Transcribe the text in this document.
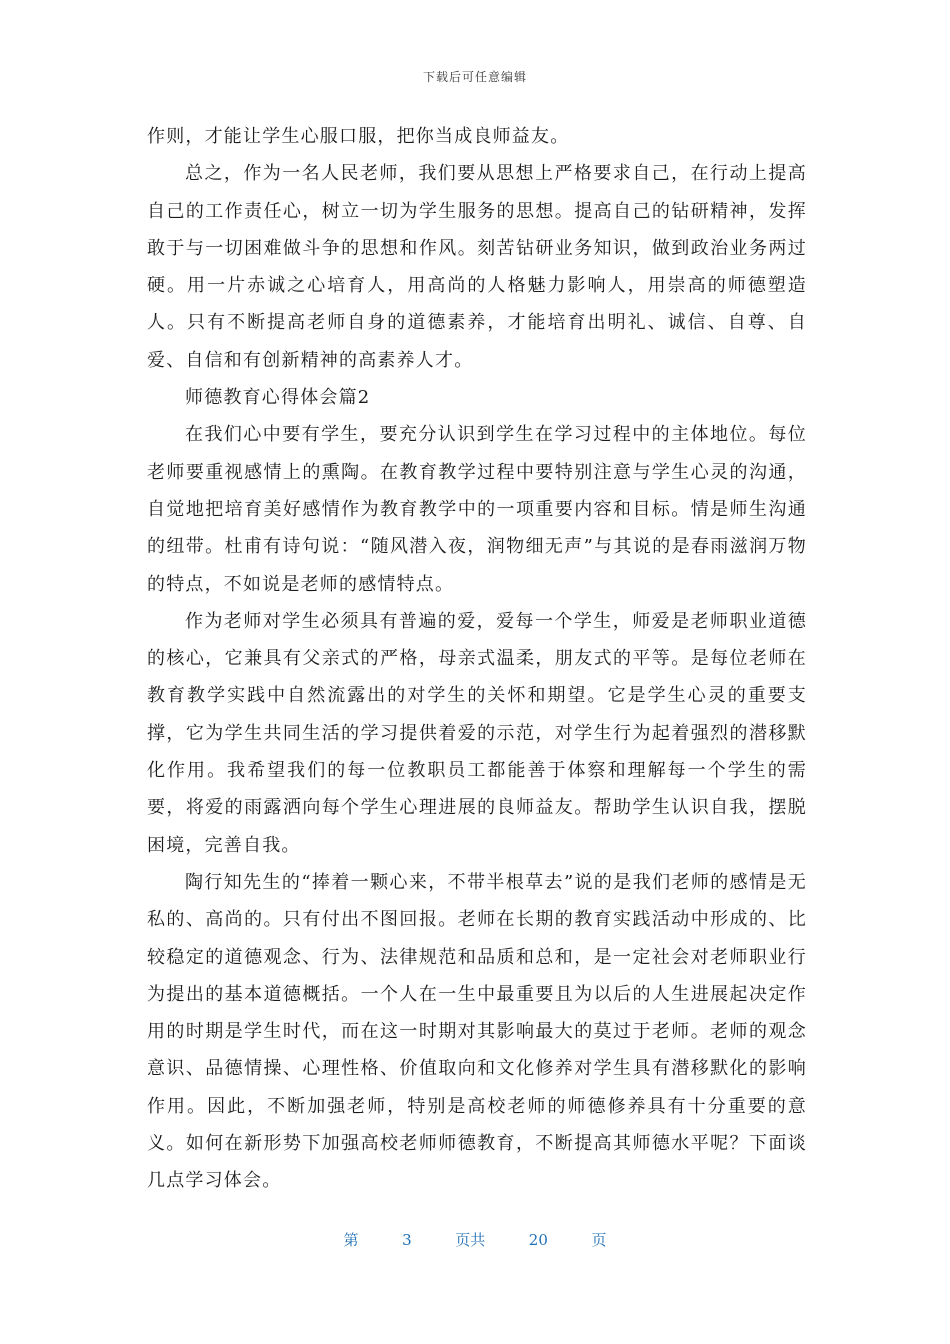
下载后可任意编辑

作则，才能让学生心服口服，把你当成良师益友。

总之，作为一名人民老师，我们要从思想上严格要求自己，在行动上提高自己的工作责任心，树立一切为学生服务的思想。提高自己的钻研精神，发挥敢于与一切困难做斗争的思想和作风。刻苦钻研业务知识，做到政治业务两过硬。用一片赤诚之心培育人，用高尚的人格魅力影响人，用崇高的师德塑造人。只有不断提高老师自身的道德素养，才能培育出明礼、诚信、自尊、自爱、自信和有创新精神的高素养人才。

师德教育心得体会篇2

在我们心中要有学生，要充分认识到学生在学习过程中的主体地位。每位老师要重视感情上的熏陶。在教育教学过程中要特别注意与学生心灵的沟通，自觉地把培育美好感情作为教育教学中的一项重要内容和目标。情是师生沟通的纽带。杜甫有诗句说：“随风潜入夜，润物细无声”与其说的是春雨滋润万物的特点，不如说是老师的感情特点。

作为老师对学生必须具有普遍的爱，爱每一个学生，师爱是老师职业道德的核心，它兼具有父亲式的严格，母亲式温柔，朋友式的平等。是每位老师在教育教学实践中自然流露出的对学生的关怀和期望。它是学生心灵的重要支撑，它为学生共同生活的学习提供着爱的示范，对学生行为起着强烈的潜移默化作用。我希望我们的每一位教职员工都能善于体察和理解每一个学生的需要，将爱的雨露洒向每个学生心理进展的良师益友。帮助学生认识自我，摆脱困境，完善自我。

陶行知先生的“捧着一颗心来，不带半根草去”说的是我们老师的感情是无私的、高尚的。只有付出不图回报。老师在长期的教育实践活动中形成的、比较稳定的道德观念、行为、法律规范和品质和总和，是一定社会对老师职业行为提出的基本道德概括。一个人在一生中最重要且为以后的人生进展起决定作用的时期是学生时代，而在这一时期对其影响最大的莫过于老师。老师的观念意识、品德情操、心理性格、价值取向和文化修养对学生具有潜移默化的影响作用。因此，不断加强老师，特别是高校老师的师德修养具有十分重要的意义。如何在新形势下加强高校老师师德教育，不断提高其师德水平呢？下面谈几点学习体会。

第	3	页共	20	页
